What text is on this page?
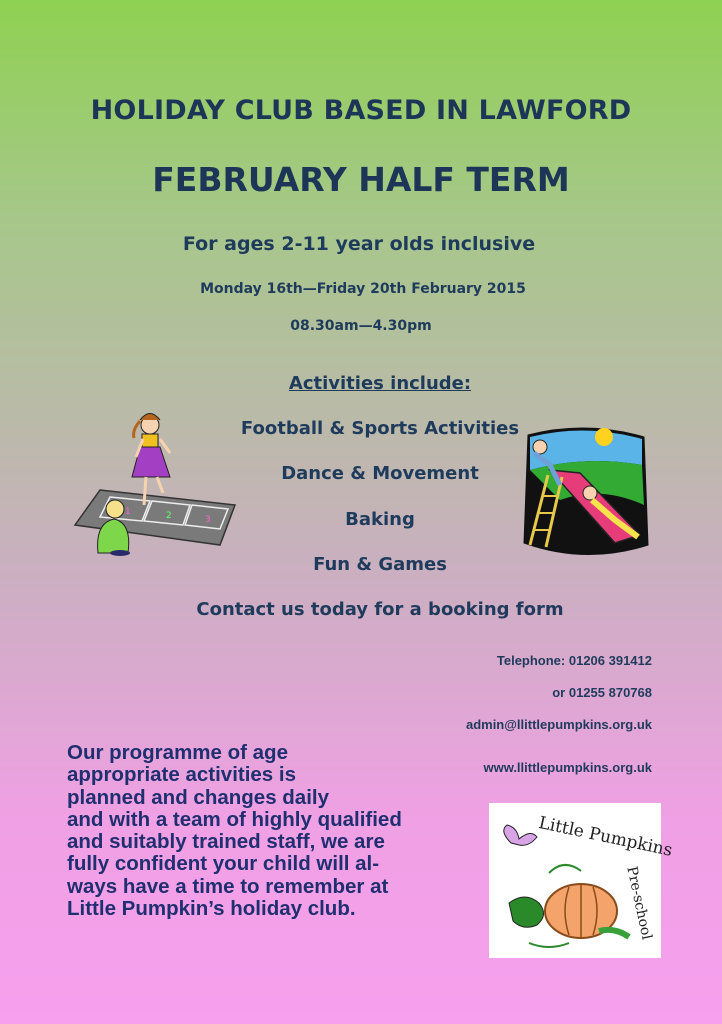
HOLIDAY CLUB BASED IN LAWFORD
FEBRUARY HALF TERM
For ages 2-11 year olds inclusive
Monday 16th—Friday 20th February 2015
08.30am—4.30pm
Activities include:
Football & Sports Activities
Dance & Movement
Baking
Fun & Games
Contact us today for a booking form
Telephone: 01206 391412
or 01255 870768
admin@llittlepumpkins.org.uk
www.llittlepumpkins.org.uk
Our programme of age
appropriate activities is
planned and changes daily
and with a team of highly qualified
and suitably trained staff, we are
fully confident your child will al-
ways have a time to remember at
Little Pumpkin’s holiday club.
1	2	3
Little Pumpkins
Pre-school
